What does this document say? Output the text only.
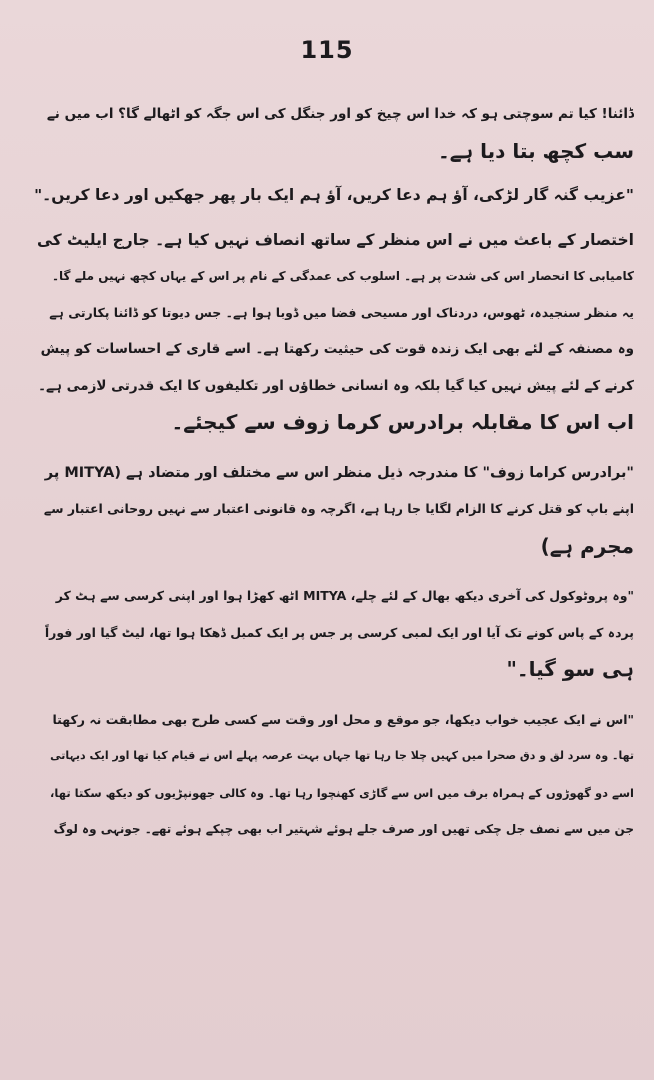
115
ڈائنا! کیا تم سوچتی ہو کہ خدا اس چیخ کو اور جنگل کی اس جگہ کو اٹھالے گا؟ اب میں نے
سب کچھ بتا دیا ہے۔
"عزیب گنہ گار لڑکی، آؤ ہم دعا کریں، آؤ ہم ایک بار پھر جھکیں اور دعا کریں۔"
اختصار کے باعث میں نے اس منظر کے ساتھ انصاف نہیں کیا ہے۔ جارج ایلیٹ کی
کامیابی کا انحصار اس کی شدت پر ہے۔ اسلوب کی عمدگی کے نام پر اس کے یہاں کچھ نہیں ملے گا۔
یہ منظر سنجیدہ، ٹھوس، دردناک اور مسیحی فضا میں ڈوبا ہوا ہے۔ جس دیوتا کو ڈائنا پکارتی ہے
وہ مصنفہ کے لئے بھی ایک زندہ قوت کی حیثیت رکھتا ہے۔ اسے قاری کے احساسات کو پیش
کرنے کے لئے پیش نہیں کیا گیا بلکہ وہ انسانی خطاؤں اور تکلیفوں کا ایک قدرتی لازمی ہے۔
اب اس کا مقابلہ برادرس کرما زوف سے کیجئے۔
"برادرس کراما زوف" کا مندرجہ ذیل منظر اس سے مختلف اور متضاد ہے (MITYA پر
اپنے باپ کو قتل کرنے کا الزام لگایا جا رہا ہے، اگرچہ وہ قانونی اعتبار سے نہیں روحانی اعتبار سے
مجرم ہے)
"وہ پروٹوکول کی آخری دیکھ بھال کے لئے چلے، MITYA اٹھ کھڑا ہوا اور اپنی کرسی سے ہٹ کر
پردہ کے پاس کونے تک آیا اور ایک لمبی کرسی پر جس پر ایک کمبل ڈھکا ہوا تھا، لیٹ گیا اور فوراً
ہی سو گیا۔"
"اس نے ایک عجیب خواب دیکھا، جو موقع و محل اور وقت سے کسی طرح بھی مطابقت نہ رکھتا
تھا۔ وہ سرد لق و دق صحرا میں کہیں چلا جا رہا تھا جہاں بہت عرصہ پہلے اس نے قیام کیا تھا اور ایک دیہاتی
اسے دو گھوڑوں کے ہمراہ برف میں اس سے گاڑی کھنچوا رہا تھا۔ وہ کالی جھونپڑیوں کو دیکھ سکتا تھا،
جن میں سے نصف جل چکی تھیں اور صرف جلے ہوئے شہتیر اب بھی چپکے ہوئے تھے۔ جونہی وہ لوگ
